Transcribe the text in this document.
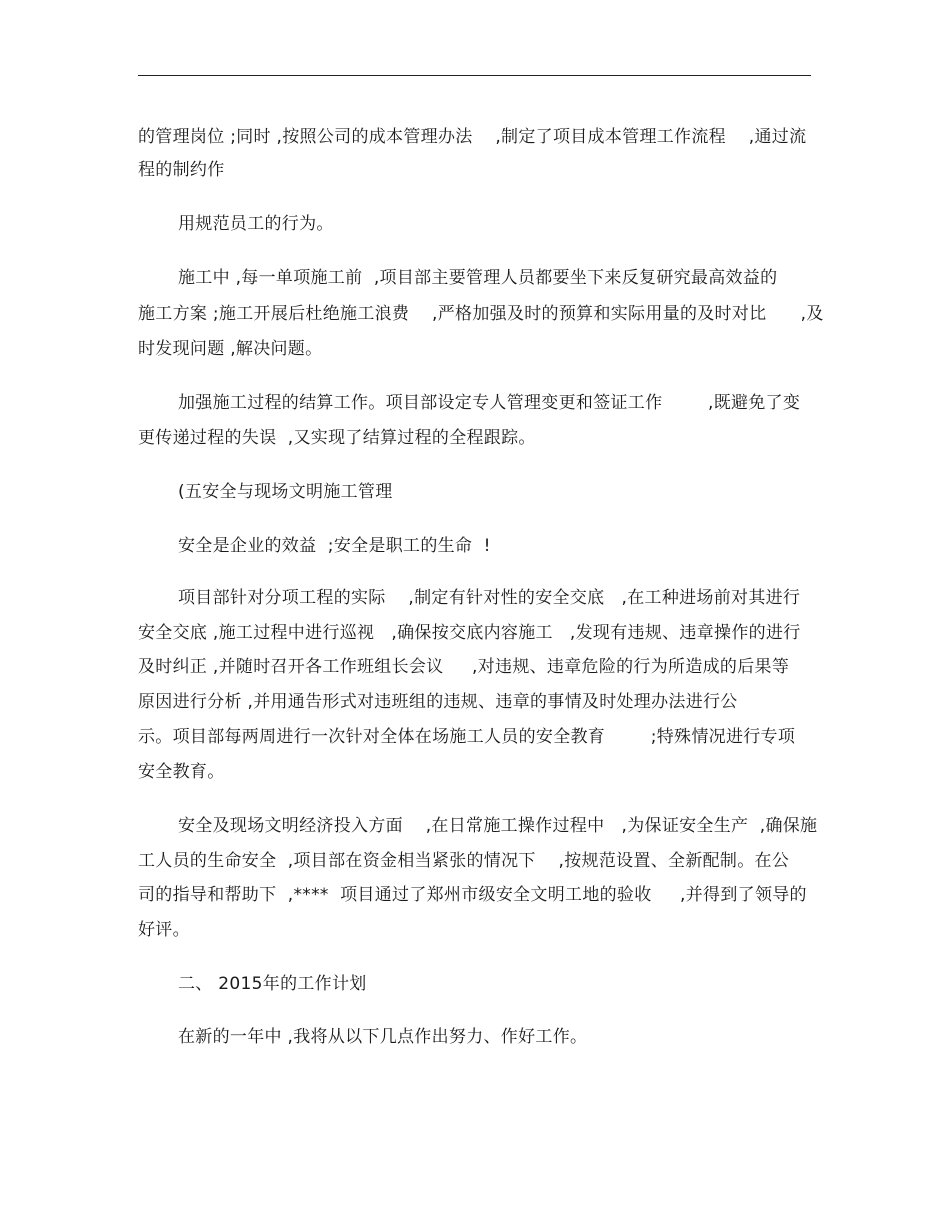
的管理岗位 ;同时 ,按照公司的成本管理办法    ,制定了项目成本管理工作流程    ,通过流
程的制约作
用规范员工的行为。
施工中 ,每一单项施工前  ,项目部主要管理人员都要坐下来反复研究最高效益的
施工方案 ;施工开展后杜绝施工浪费    ,严格加强及时的预算和实际用量的及时对比      ,及
时发现问题 ,解决问题。
加强施工过程的结算工作。项目部设定专人管理变更和签证工作        ,既避免了变
更传递过程的失误  ,又实现了结算过程的全程跟踪。
(五安全与现场文明施工管理
安全是企业的效益  ;安全是职工的生命  !
项目部针对分项工程的实际    ,制定有针对性的安全交底   ,在工种进场前对其进行
安全交底 ,施工过程中进行巡视   ,确保按交底内容施工   ,发现有违规、违章操作的进行
及时纠正 ,并随时召开各工作班组长会议     ,对违规、违章危险的行为所造成的后果等
原因进行分析 ,并用通告形式对违班组的违规、违章的事情及时处理办法进行公
示。项目部每两周进行一次针对全体在场施工人员的安全教育        ;特殊情况进行专项
安全教育。
安全及现场文明经济投入方面    ,在日常施工操作过程中   ,为保证安全生产  ,确保施
工人员的生命安全  ,项目部在资金相当紧张的情况下    ,按规范设置、全新配制。在公
司的指导和帮助下  ,****  项目通过了郑州市级安全文明工地的验收     ,并得到了领导的
好评。
二、 2015年的工作计划
在新的一年中 ,我将从以下几点作出努力、作好工作。
